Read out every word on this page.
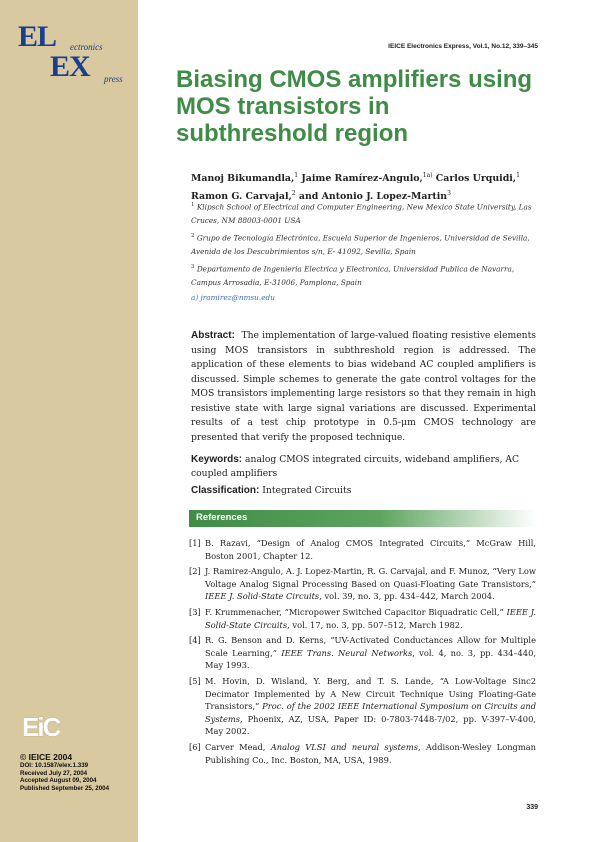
EL ectronics
EX press
EiC
© IEICE 2004
DOI: 10.1587/elex.1.339
Received July 27, 2004
Accepted August 09, 2004
Published September 25, 2004
IEICE Electronics Express, Vol.1, No.12, 339–345
Biasing CMOS amplifiers using MOS transistors in subthreshold region
Manoj Bikumandla,$^1$ Jaime Ramírez-Angulo,$^{1a)}$ Carlos Urquidi,$^1$
Ramon G. Carvajal,$^2$ and Antonio J. Lopez-Martin$^3$
$^1$ Klipsch School of Electrical and Computer Engineering, New Mexico State University, Las Cruces, NM 88003-0001 USA
$^2$ Grupo de Tecnología Electrónica, Escuela Superior de Ingenieros, Universidad de Sevilla, Avenida de los Descubrimientos s/n, E- 41092, Sevilla, Spain
$^3$ Departamento de Ingenieria Electrica y Electronica, Universidad Publica de Navarra, Campus Arrosadia, E-31006, Pamplona, Spain
a) jramirez@nmsu.edu
Abstract: The implementation of large-valued floating resistive elements using MOS transistors in subthreshold region is addressed. The application of these elements to bias wideband AC coupled amplifiers is discussed. Simple schemes to generate the gate control voltages for the MOS transistors implementing large resistors so that they remain in high resistive state with large signal variations are discussed. Experimental results of a test chip prototype in 0.5-μm CMOS technology are presented that verify the proposed technique.
Keywords: analog CMOS integrated circuits, wideband amplifiers, AC coupled amplifiers
Classification: Integrated Circuits
References
[1] B. Razavi, “Design of Analog CMOS Integrated Circuits,” McGraw Hill, Boston 2001, Chapter 12.
[2] J. Ramirez-Angulo, A. J. Lopez-Martin, R. G. Carvajal, and F. Munoz, “Very Low Voltage Analog Signal Processing Based on Quasi-Floating Gate Transistors,” IEEE J. Solid-State Circuits, vol. 39, no. 3, pp. 434–442, March 2004.
[3] F. Krummenacher, “Micropower Switched Capacitor Biquadratic Cell,” IEEE J. Solid-State Circuits, vol. 17, no. 3, pp. 507–512, March 1982.
[4] R. G. Benson and D. Kerns, “UV-Activated Conductances Allow for Multiple Scale Learning,” IEEE Trans. Neural Networks, vol. 4, no. 3, pp. 434–440, May 1993.
[5] M. Hovin, D. Wisland, Y. Berg, and T. S. Lande, “A Low-Voltage Sinc2 Decimator Implemented by A New Circuit Technique Using Floating-Gate Transistors,” Proc. of the 2002 IEEE International Symposium on Circuits and Systems, Phoenix, AZ, USA, Paper ID: 0-7803-7448-7/02, pp. V-397–V-400, May 2002.
[6] Carver Mead, Analog VLSI and neural systems, Addison-Wesley Longman Publishing Co., Inc. Boston, MA, USA, 1989.
339
